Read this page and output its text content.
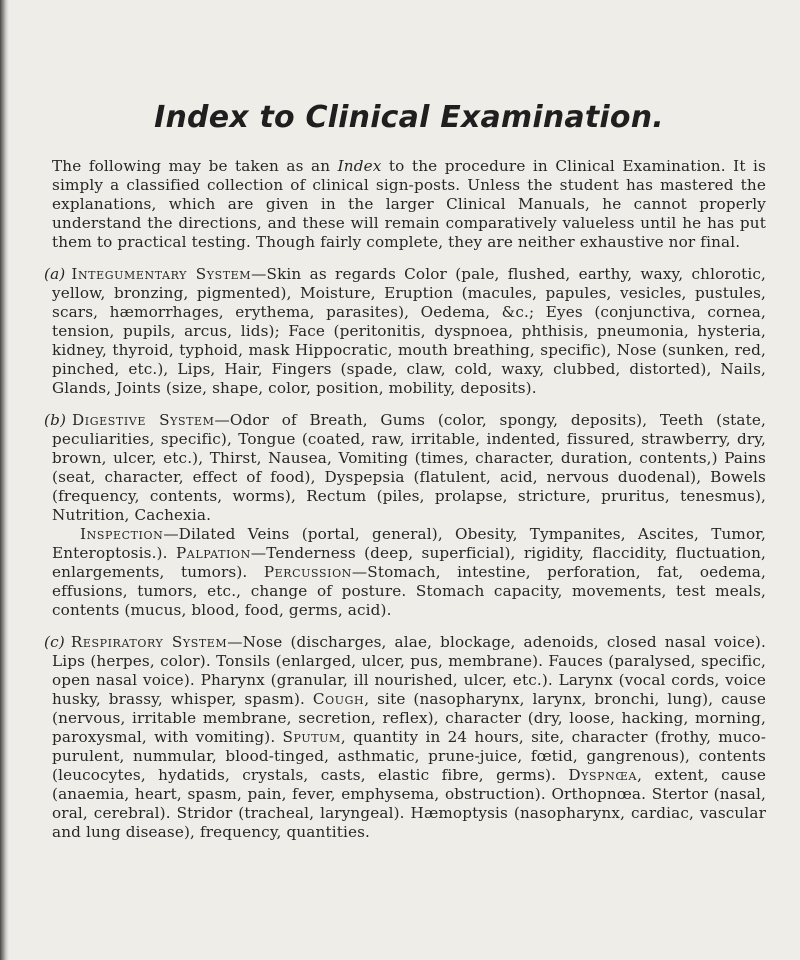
Index to Clinical Examination.

The following may be taken as an Index to the procedure in Clinical Examination. It is simply a classified collection of clinical sign-posts. Unless the student has mastered the explanations, which are given in the larger Clinical Manuals, he cannot properly understand the directions, and these will remain comparatively valueless until he has put them to practical testing. Though fairly complete, they are neither exhaustive nor final.

(a) Integumentary System—Skin as regards Color (pale, flushed, earthy, waxy, chlorotic, yellow, bronzing, pigmented), Moisture, Eruption (macules, papules, vesicles, pustules, scars, hæmorrhages, erythema, parasites), Oedema, &c.; Eyes (conjunctiva, cornea, tension, pupils, arcus, lids); Face (peritonitis, dyspnoea, phthisis, pneumonia, hysteria, kidney, thyroid, typhoid, mask Hippocratic, mouth breathing, specific), Nose (sunken, red, pinched, etc.), Lips, Hair, Fingers (spade, claw, cold, waxy, clubbed, distorted), Nails, Glands, Joints (size, shape, color, position, mobility, deposits).

(b) Digestive System—Odor of Breath, Gums (color, spongy, deposits), Teeth (state, peculiarities, specific), Tongue (coated, raw, irritable, indented, fissured, strawberry, dry, brown, ulcer, etc.), Thirst, Nausea, Vomiting (times, character, duration, contents,) Pains (seat, character, effect of food), Dyspepsia (flatulent, acid, nervous duodenal), Bowels (frequency, contents, worms), Rectum (piles, prolapse, stricture, pruritus, tenesmus), Nutrition, Cachexia.

Inspection—Dilated Veins (portal, general), Obesity, Tympanites, Ascites, Tumor, Enteroptosis.). Palpation—Tenderness (deep, superficial), rigidity, flaccidity, fluctuation, enlargements, tumors). Percussion—Stomach, intestine, perforation, fat, oedema, effusions, tumors, etc., change of posture. Stomach capacity, movements, test meals, contents (mucus, blood, food, germs, acid).

(c) Respiratory System—Nose (discharges, alae, blockage, adenoids, closed nasal voice). Lips (herpes, color). Tonsils (enlarged, ulcer, pus, membrane). Fauces (paralysed, specific, open nasal voice). Pharynx (granular, ill nourished, ulcer, etc.). Larynx (vocal cords, voice husky, brassy, whisper, spasm). Cough, site (nasopharynx, larynx, bronchi, lung), cause (nervous, irritable membrane, secretion, reflex), character (dry, loose, hacking, morning, paroxysmal, with vomiting). Sputum, quantity in 24 hours, site, character (frothy, muco-purulent, nummular, blood-tinged, asthmatic, prune-juice, fœtid, gangrenous), contents (leucocytes, hydatids, crystals, casts, elastic fibre, germs). Dyspnœa, extent, cause (anaemia, heart, spasm, pain, fever, emphysema, obstruction). Orthopnœa. Stertor (nasal, oral, cerebral). Stridor (tracheal, laryngeal). Hæmoptysis (nasopharynx, cardiac, vascular and lung disease), frequency, quantities.
